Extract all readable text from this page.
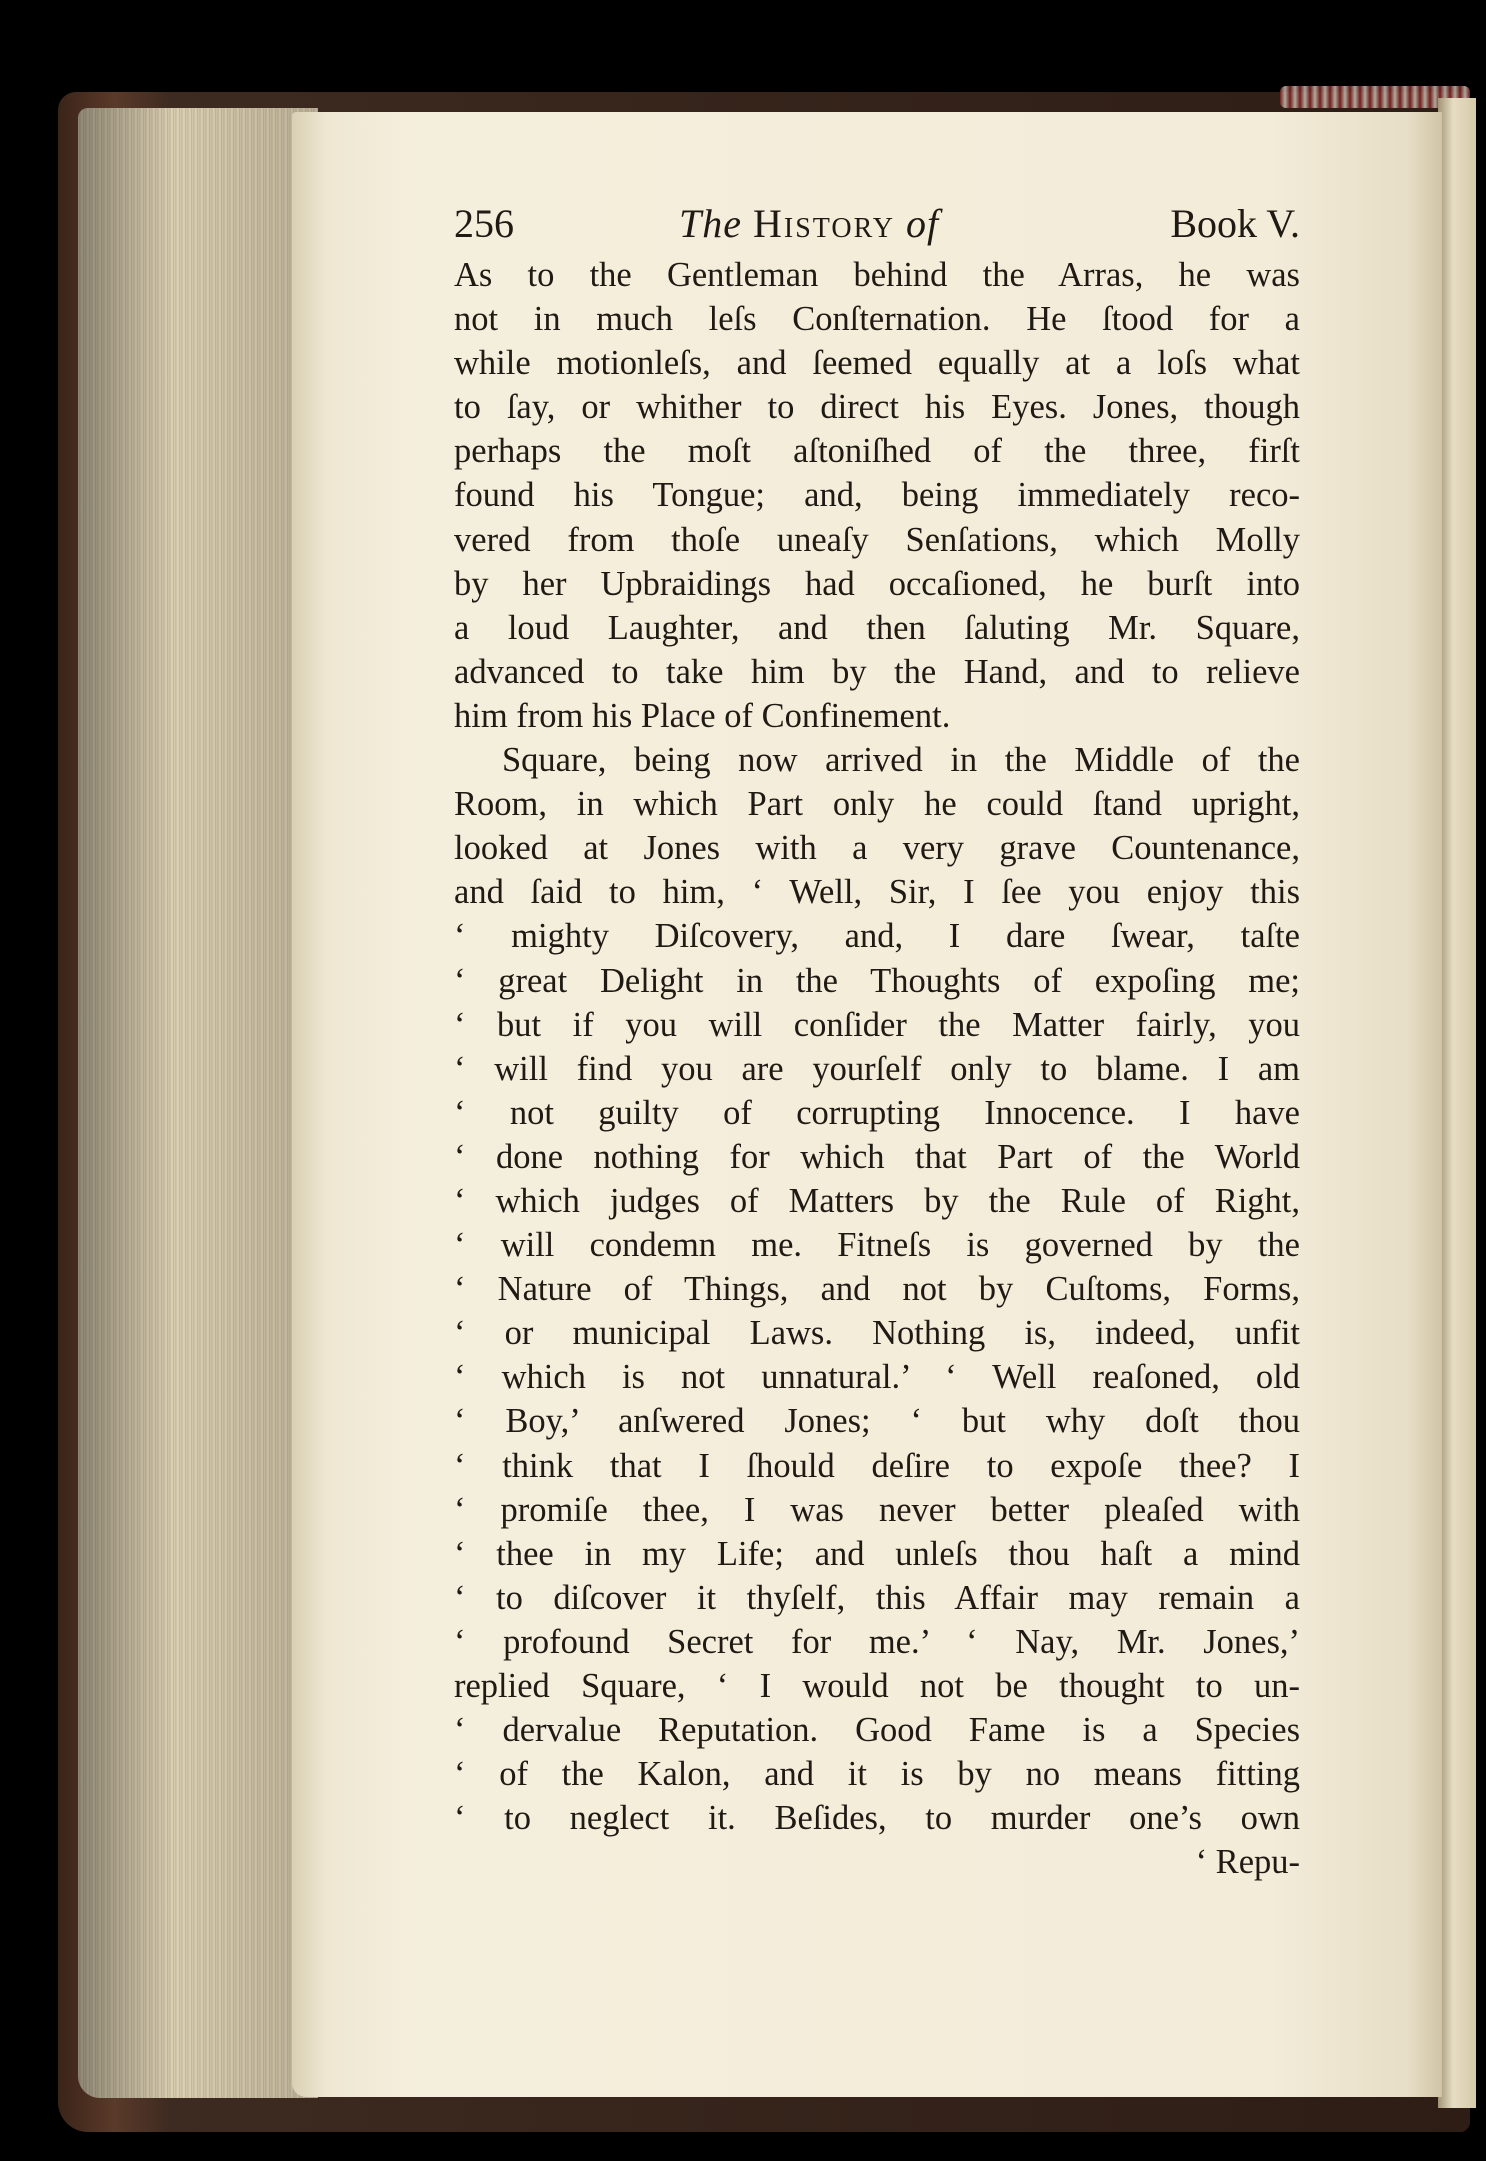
256	The History of	Book V.
As to the Gentleman behind the Arras, he was
not in much leſs Conſternation. He ſtood for a
while motionleſs, and ſeemed equally at a loſs what
to ſay, or whither to direct his Eyes. Jones, though
perhaps the moſt aſtoniſhed of the three, firſt
found his Tongue; and, being immediately reco-
vered from thoſe uneaſy Senſations, which Molly
by her Upbraidings had occaſioned, he burſt into
a loud Laughter, and then ſaluting Mr. Square,
advanced to take him by the Hand, and to relieve
him from his Place of Confinement.
Square, being now arrived in the Middle of the
Room, in which Part only he could ſtand upright,
looked at Jones with a very grave Countenance,
and ſaid to him, ‘ Well, Sir, I ſee you enjoy this
‘ mighty Diſcovery, and, I dare ſwear, taſte
‘ great Delight in the Thoughts of expoſing me;
‘ but if you will conſider the Matter fairly, you
‘ will find you are yourſelf only to blame. I am
‘ not guilty of corrupting Innocence. I have
‘ done nothing for which that Part of the World
‘ which judges of Matters by the Rule of Right,
‘ will condemn me. Fitneſs is governed by the
‘ Nature of Things, and not by Cuſtoms, Forms,
‘ or municipal Laws. Nothing is, indeed, unfit
‘ which is not unnatural.’ ‘ Well reaſoned, old
‘ Boy,’ anſwered Jones; ‘ but why doſt thou
‘ think that I ſhould deſire to expoſe thee? I
‘ promiſe thee, I was never better pleaſed with
‘ thee in my Life; and unleſs thou haſt a mind
‘ to diſcover it thyſelf, this Affair may remain a
‘ profound Secret for me.’ ‘ Nay, Mr. Jones,’
replied Square, ‘ I would not be thought to un-
‘ dervalue Reputation. Good Fame is a Species
‘ of the Kalon, and it is by no means fitting
‘ to neglect it. Beſides, to murder one’s own
‘ Repu-
